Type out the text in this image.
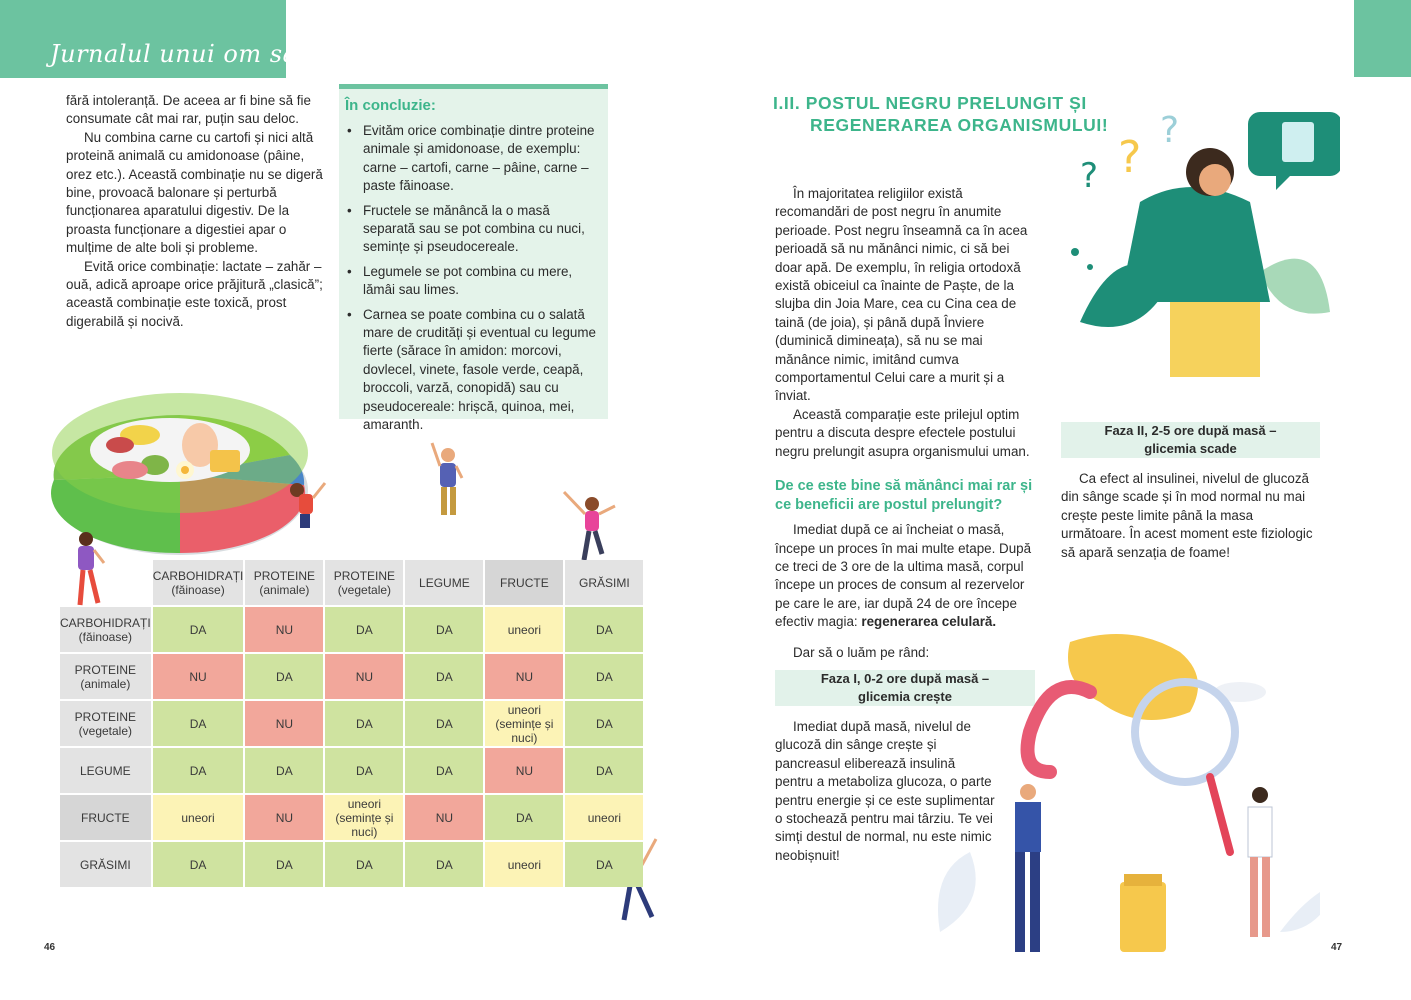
Jurnalul unui om sănătos

fără intoleranță. De aceea ar fi bine să fie consumate cât mai rar, puțin sau deloc.

Nu combina carne cu cartofi și nici altă proteină animală cu amidonoase (pâine, orez etc.). Această combinație nu se digeră bine, provoacă balonare și perturbă funcționarea aparatului digestiv. De la proasta funcționare a digestiei apar o mulțime de alte boli și probleme.

Evită orice combinație: lactate – zahăr – ouă, adică aproape orice prăjitură „clasică”; această combinație este toxică, prost digerabilă și nocivă.

În concluzie:
• Evităm orice combinație dintre proteine animale și amidonoase, de exemplu: carne – cartofi, carne – pâine, carne – paste făinoase.
• Fructele se mănâncă la o masă separată sau se pot combina cu nuci, semințe și pseudocereale.
• Legumele se pot combina cu mere, lămâi sau limes.
• Carnea se poate combina cu o salată mare de crudități și eventual cu legume fierte (sărace în amidon: morcovi, dovlecel, vinete, fasole verde, ceapă, broccoli, varză, conopidă) sau cu pseudocereale: hrișcă, quinoa, mei, amaranth.
	CARBOHIDRAȚI (făinoase)	PROTEINE (animale)	PROTEINE (vegetale)	LEGUME	FRUCTE	GRĂSIMI
CARBOHIDRAȚI (făinoase)	DA	NU	DA	DA	uneori	DA
PROTEINE (animale)	NU	DA	NU	DA	NU	DA
PROTEINE (vegetale)	DA	NU	DA	DA	uneori (semințe și nuci)	DA
LEGUME	DA	DA	DA	DA	NU	DA
FRUCTE	uneori	NU	uneori (semințe și nuci)	NU	DA	uneori
GRĂSIMI	DA	DA	DA	DA	uneori	DA
46
I.II. POSTUL NEGRU PRELUNGIT ȘI
REGENERAREA ORGANISMULUI!

În majoritatea religiilor există recomandări de post negru în anumite perioade. Post negru înseamnă ca în acea perioadă să nu mănânci nimic, ci să bei doar apă. De exemplu, în religia ortodoxă există obiceiul ca înainte de Paște, de la slujba din Joia Mare, cea cu Cina cea de taină (de joia), și până după Înviere (duminică dimineața), să nu se mai mănânce nimic, imitând cumva comportamentul Celui care a murit și a înviat.

Această comparație este prilejul optim pentru a discuta despre efectele postului negru prelungit asupra organismului uman.

De ce este bine să mănânci mai rar și ce beneficii are postul prelungit?

Imediat după ce ai încheiat o masă, începe un proces în mai multe etape. După ce treci de 3 ore de la ultima masă, corpul începe un proces de consum al rezervelor pe care le are, iar după 24 de ore începe efectiv magia: regenerarea celulară.

Dar să o luăm pe rând:

Faza I, 0-2 ore după masă –
glicemia crește

Imediat după masă, nivelul de glucoză din sânge crește și pancreasul eliberează insulină pentru a metaboliza glucoza, o parte pentru energie și ce este suplimentar o stochează pentru mai târziu. Te vei simți destul de normal, nu este nimic neobișnuit!

Faza II, 2-5 ore după masă –
glicemia scade

Ca efect al insulinei, nivelul de glucoză din sânge scade și în mod normal nu mai crește peste limite până la masa următoare. În acest moment este fiziologic să apară senzația de foame!

?
?
?
47
